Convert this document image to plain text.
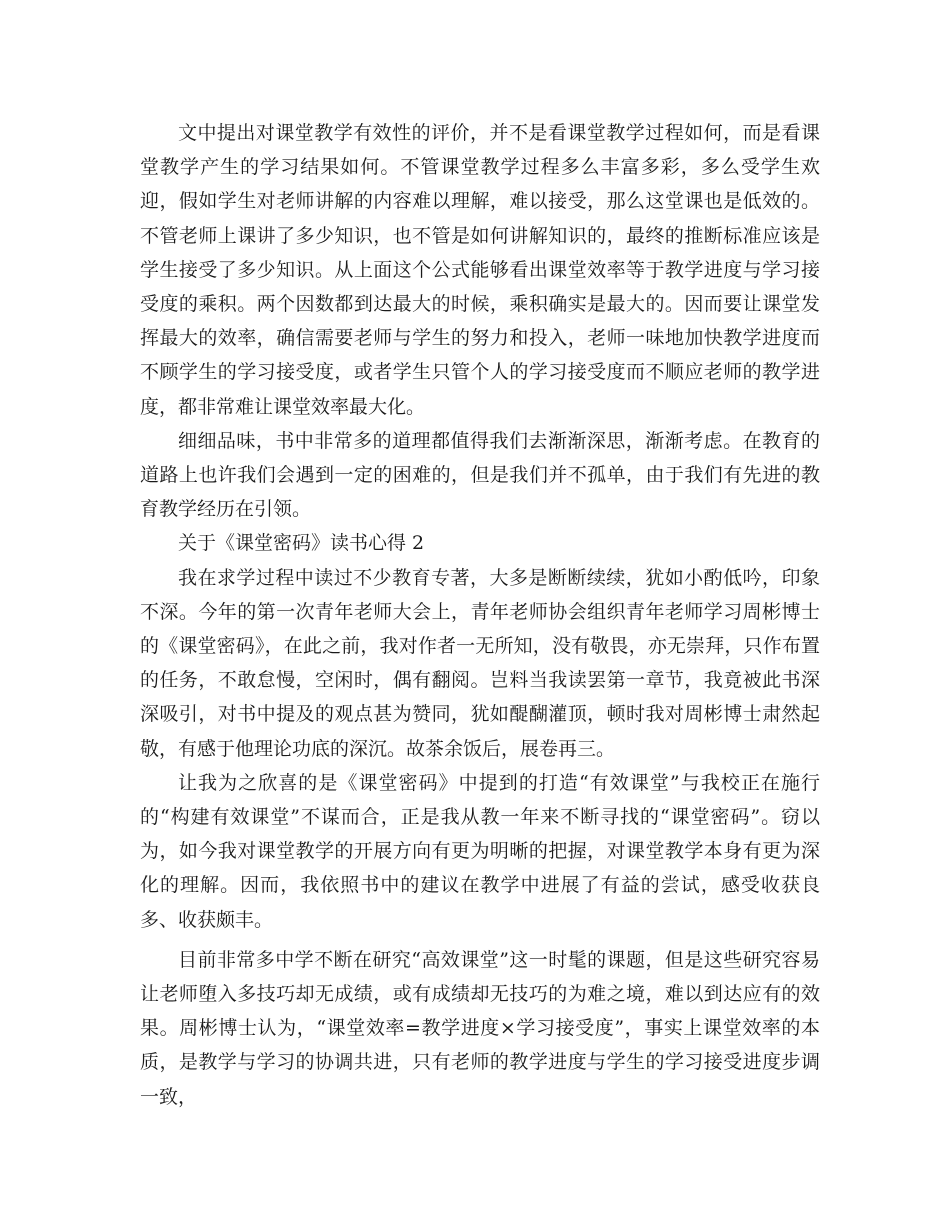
文中提出对课堂教学有效性的评价，并不是看课堂教学过程如何，而是看课堂教学产生的学习结果如何。不管课堂教学过程多么丰富多彩，多么受学生欢迎，假如学生对老师讲解的内容难以理解，难以接受，那么这堂课也是低效的。不管老师上课讲了多少知识，也不管是如何讲解知识的，最终的推断标准应该是学生接受了多少知识。从上面这个公式能够看出课堂效率等于教学进度与学习接受度的乘积。两个因数都到达最大的时候，乘积确实是最大的。因而要让课堂发挥最大的效率，确信需要老师与学生的努力和投入，老师一味地加快教学进度而不顾学生的学习接受度，或者学生只管个人的学习接受度而不顺应老师的教学进度，都非常难让课堂效率最大化。

细细品味，书中非常多的道理都值得我们去渐渐深思，渐渐考虑。在教育的道路上也许我们会遇到一定的困难的，但是我们并不孤单，由于我们有先进的教育教学经历在引领。

关于《课堂密码》读书心得 2

我在求学过程中读过不少教育专著，大多是断断续续，犹如小酌低吟，印象不深。今年的第一次青年老师大会上，青年老师协会组织青年老师学习周彬博士的《课堂密码》，在此之前，我对作者一无所知，没有敬畏，亦无崇拜，只作布置的任务，不敢怠慢，空闲时，偶有翻阅。岂料当我读罢第一章节，我竟被此书深深吸引，对书中提及的观点甚为赞同，犹如醍醐灌顶，顿时我对周彬博士肃然起敬，有感于他理论功底的深沉。故茶余饭后，展卷再三。

让我为之欣喜的是《课堂密码》中提到的打造“有效课堂”与我校正在施行的“构建有效课堂”不谋而合，正是我从教一年来不断寻找的“课堂密码”。窃以为，如今我对课堂教学的开展方向有更为明晰的把握，对课堂教学本身有更为深化的理解。因而，我依照书中的建议在教学中进展了有益的尝试，感受收获良多、收获颇丰。

目前非常多中学不断在研究“高效课堂”这一时髦的课题，但是这些研究容易让老师堕入多技巧却无成绩，或有成绩却无技巧的为难之境，难以到达应有的效果。周彬博士认为，“课堂效率=教学进度×学习接受度”，事实上课堂效率的本质，是教学与学习的协调共进，只有老师的教学进度与学生的学习接受进度步调一致，
